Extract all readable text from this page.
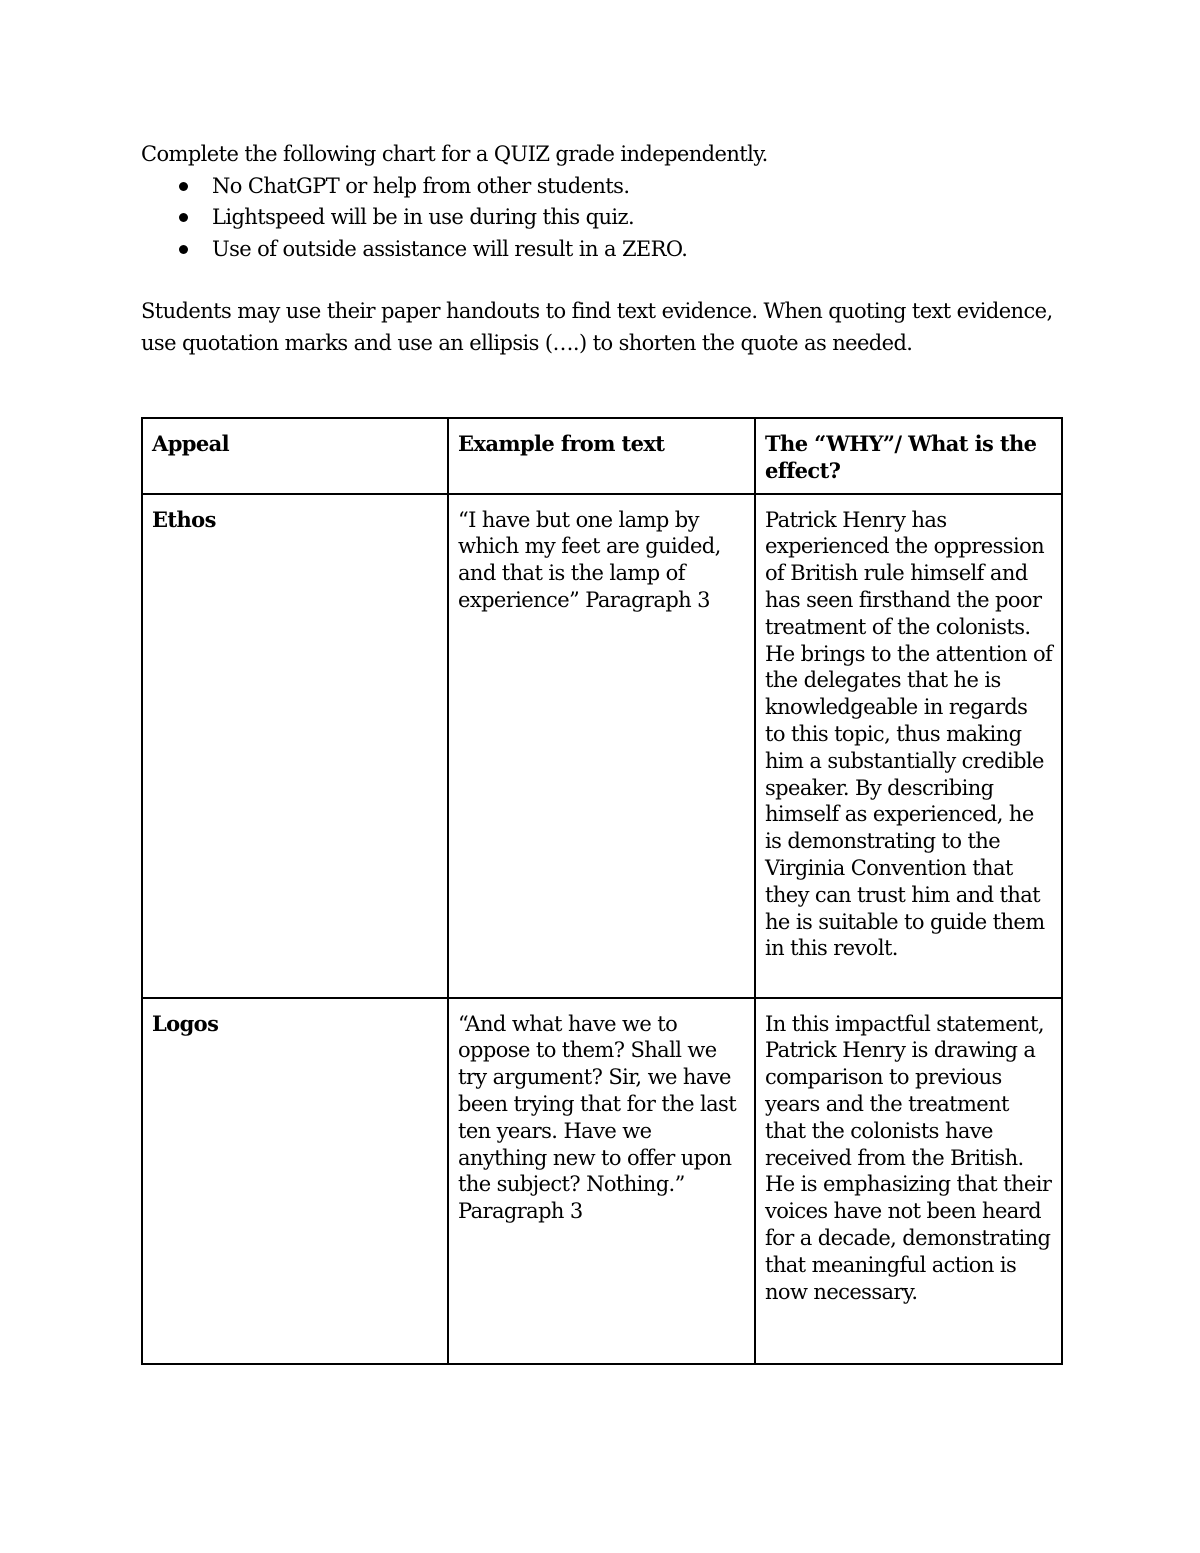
Complete the following chart for a QUIZ grade independently.

No ChatGPT or help from other students.
Lightspeed will be in use during this quiz.
Use of outside assistance will result in a ZERO.

Students may use their paper handouts to find text evidence. When quoting text evidence, use quotation marks and use an ellipsis (….) to shorten the quote as needed.

Appeal	Example from text	The “WHY”/ What is the effect?
Ethos	“I have but one lamp by which my feet are guided, and that is the lamp of experience” Paragraph 3	Patrick Henry has experienced the oppression of British rule himself and has seen firsthand the poor treatment of the colonists. He brings to the attention of the delegates that he is knowledgeable in regards to this topic, thus making him a substantially credible speaker. By describing himself as experienced, he is demonstrating to the Virginia Convention that they can trust him and that he is suitable to guide them in this revolt.
Logos	“And what have we to oppose to them? Shall we try argument? Sir, we have been trying that for the last ten years. Have we anything new to offer upon the subject? Nothing.” Paragraph 3	In this impactful statement, Patrick Henry is drawing a comparison to previous years and the treatment that the colonists have received from the British. He is emphasizing that their voices have not been heard for a decade, demonstrating that meaningful action is now necessary.
